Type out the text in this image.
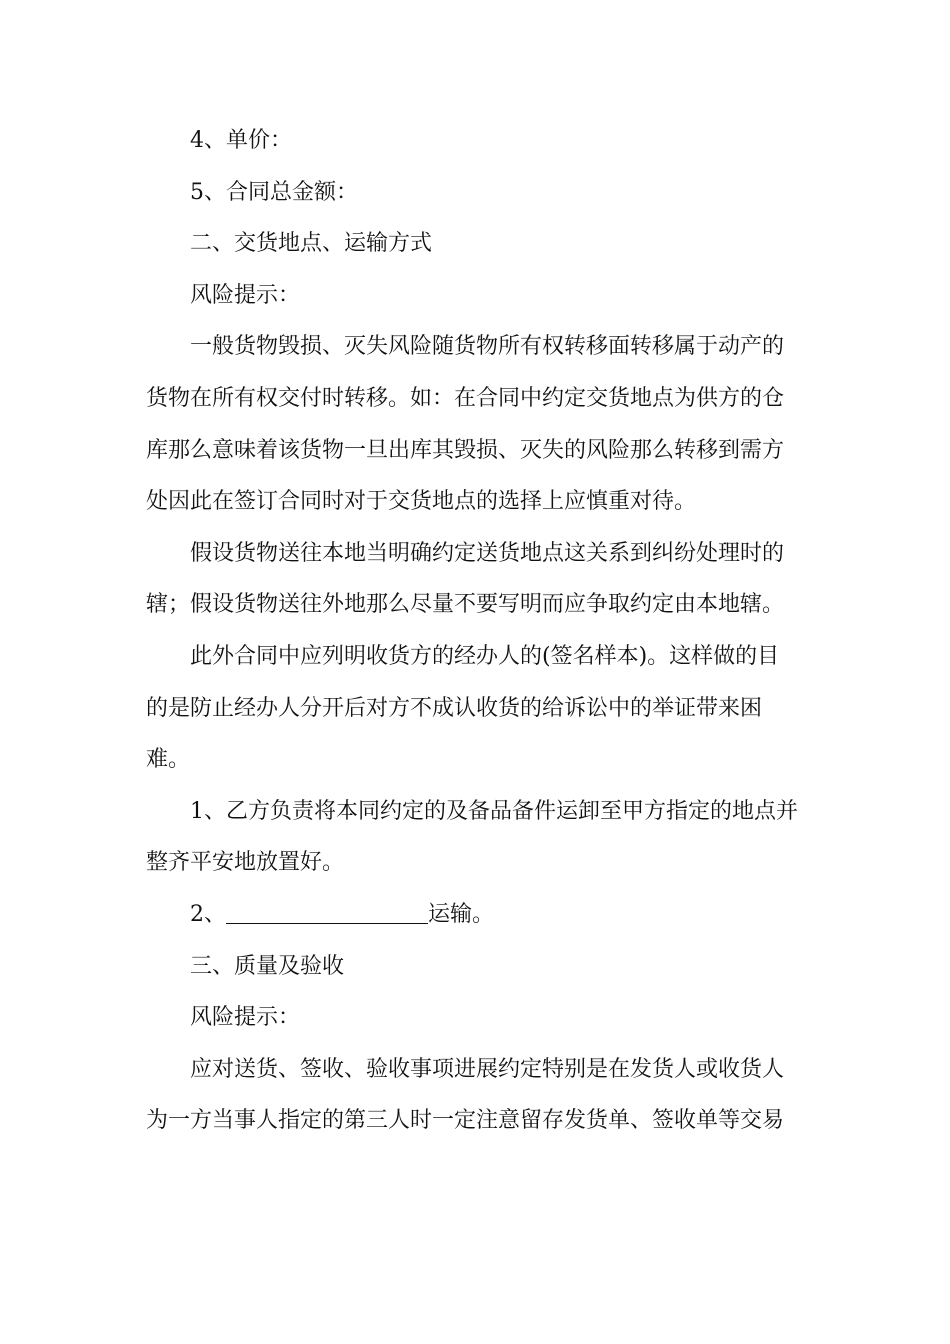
4、单价：
5、合同总金额：
二、交货地点、运输方式
风险提示：
一般货物毁损、灭失风险随货物所有权转移面转移属于动产的
货物在所有权交付时转移。如：在合同中约定交货地点为供方的仓
库那么意味着该货物一旦出库其毁损、灭失的风险那么转移到需方
处因此在签订合同时对于交货地点的选择上应慎重对待。
假设货物送往本地当明确约定送货地点这关系到纠纷处理时的
辖；假设货物送往外地那么尽量不要写明而应争取约定由本地辖。
此外合同中应列明收货方的经办人的(签名样本)。这样做的目
的是防止经办人分开后对方不成认收货的给诉讼中的举证带来困
难。
1、乙方负责将本同约定的及备品备件运卸至甲方指定的地点并
整齐平安地放置好。
2、	运输。
三、质量及验收
风险提示：
应对送货、签收、验收事项进展约定特别是在发货人或收货人
为一方当事人指定的第三人时一定注意留存发货单、签收单等交易
